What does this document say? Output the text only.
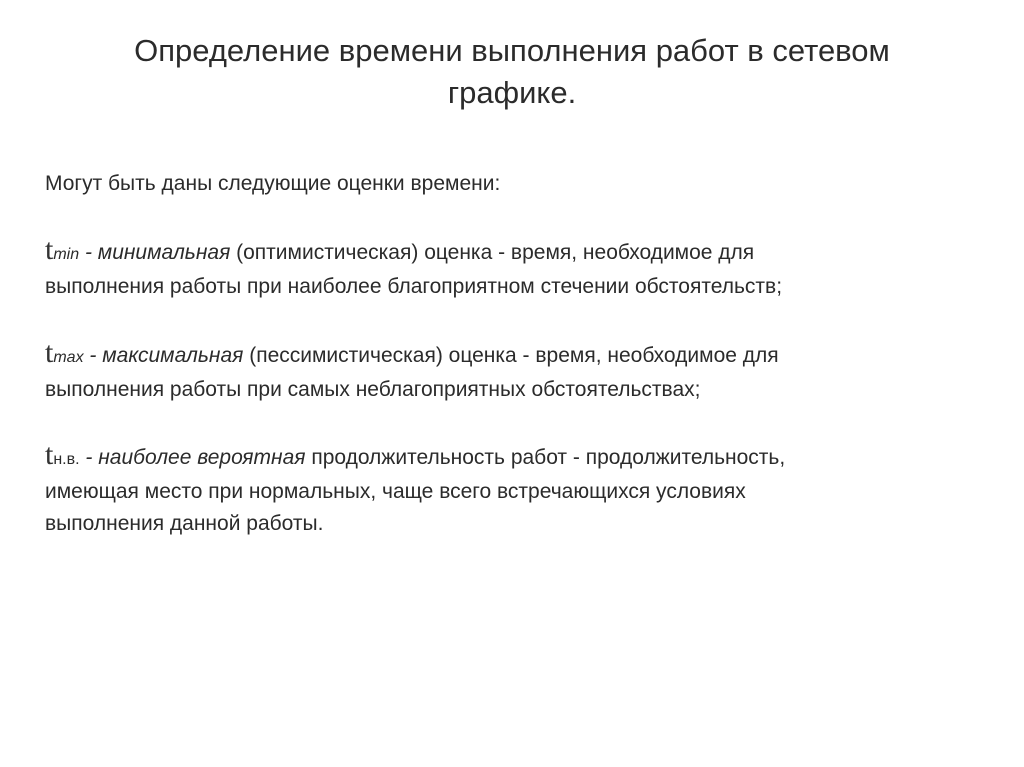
Определение времени выполнения работ в сетевом
графике.
Могут быть даны следующие оценки времени:
tmin - минимальная (оптимистическая) оценка - время, необходимое для
выполнения работы при наиболее благоприятном стечении обстоятельств;
tmax - максимальная (пессимистическая) оценка - время, необходимое для
выполнения работы при самых неблагоприятных обстоятельствах;
tн.в. - наиболее вероятная продолжительность работ - продолжительность,
имеющая место при нормальных, чаще всего встречающихся условиях
выполнения данной работы.
